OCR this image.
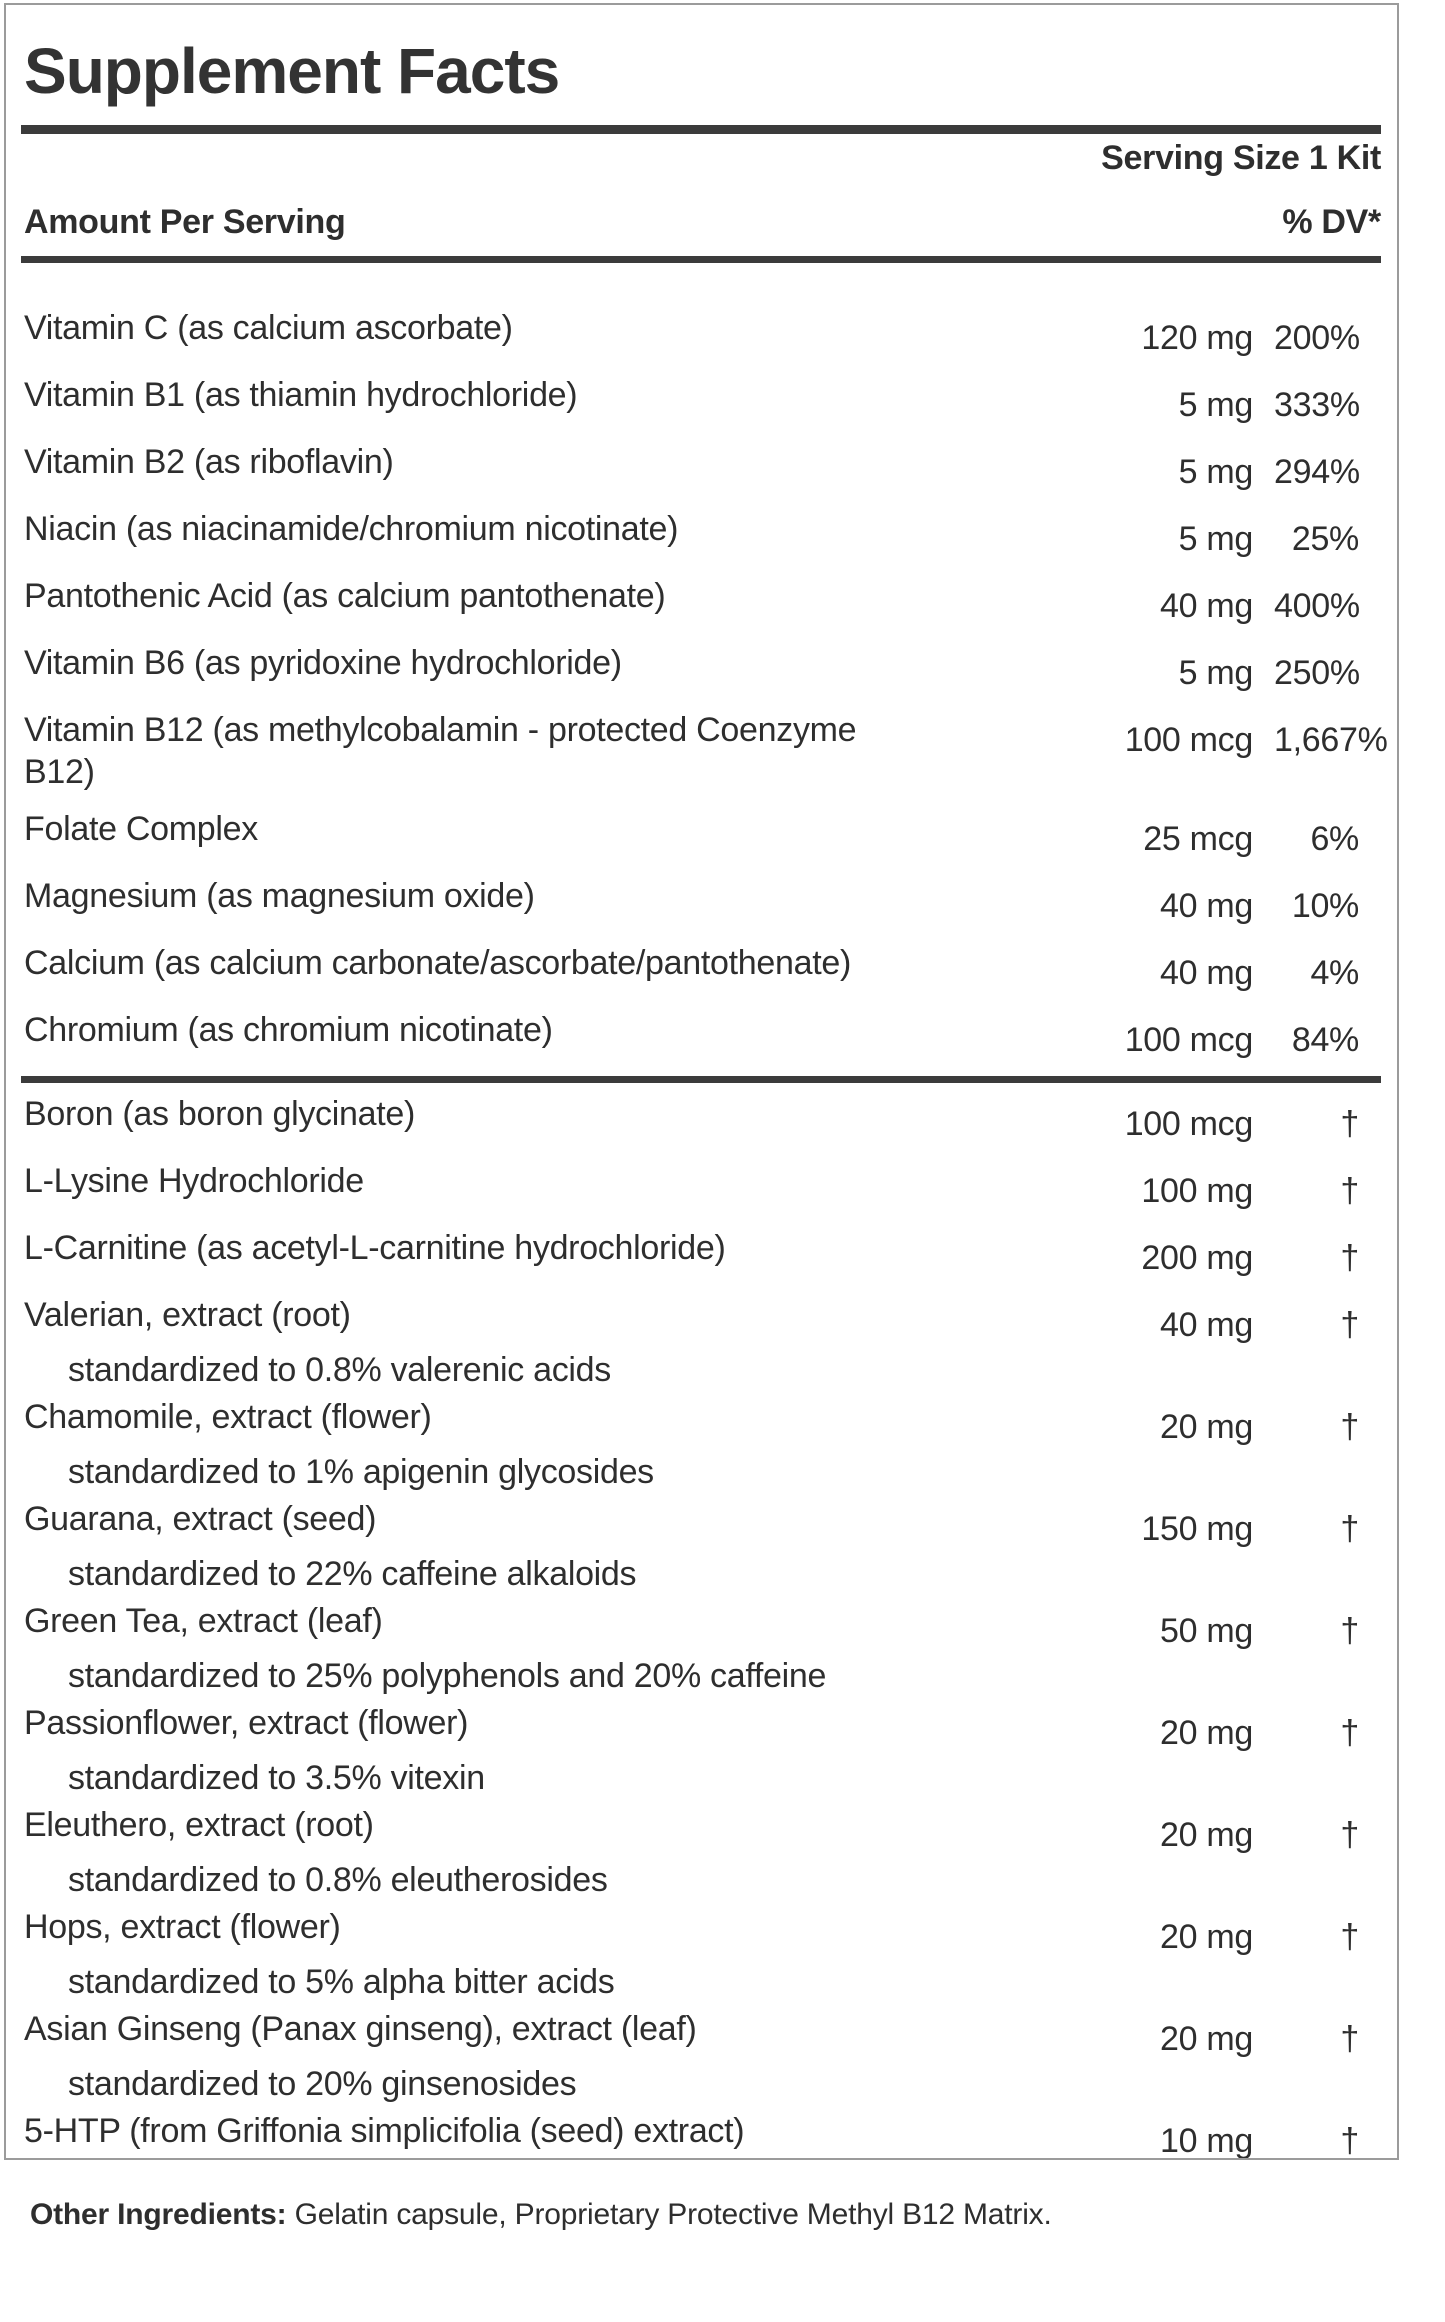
Supplement Facts
Serving Size 1 Kit
Amount Per Serving	% DV*
Vitamin C (as calcium ascorbate)	120 mg 200%
Vitamin B1 (as thiamin hydrochloride)	5 mg 333%
Vitamin B2 (as riboflavin)	5 mg 294%
Niacin (as niacinamide/chromium nicotinate)	5 mg	25%
Pantothenic Acid (as calcium pantothenate)	40 mg 400%
Vitamin B6 (as pyridoxine hydrochloride)	5 mg 250%
Vitamin B12 (as methylcobalamin - protected Coenzyme B12)
100 mcg 1,667%
Folate Complex	25 mcg	6%
Magnesium (as magnesium oxide)	40 mg	10%
Calcium (as calcium carbonate/ascorbate/pantothenate)	40 mg	4%
Chromium (as chromium nicotinate)	100 mcg	84%
Boron (as boron glycinate)	100 mcg	†
L-Lysine Hydrochloride	100 mg	†
L-Carnitine (as acetyl-L-carnitine hydrochloride)	200 mg	†
Valerian, extract (root)	40 mg	†
standardized to 0.8% valerenic acids
Chamomile, extract (flower)	20 mg	†
standardized to 1% apigenin glycosides
Guarana, extract (seed)	150 mg	†
standardized to 22% caffeine alkaloids
Green Tea, extract (leaf)	50 mg	†
standardized to 25% polyphenols and 20% caffeine
Passionflower, extract (flower)	20 mg	†
standardized to 3.5% vitexin
Eleuthero, extract (root)	20 mg	†
standardized to 0.8% eleutherosides
Hops, extract (flower)	20 mg	†
standardized to 5% alpha bitter acids
Asian Ginseng (Panax ginseng), extract (leaf)	20 mg	†
standardized to 20% ginsenosides
5-HTP (from Griffonia simplicifolia (seed) extract)	10 mg	†
Other Ingredients: Gelatin capsule, Proprietary Protective Methyl B12 Matrix.
